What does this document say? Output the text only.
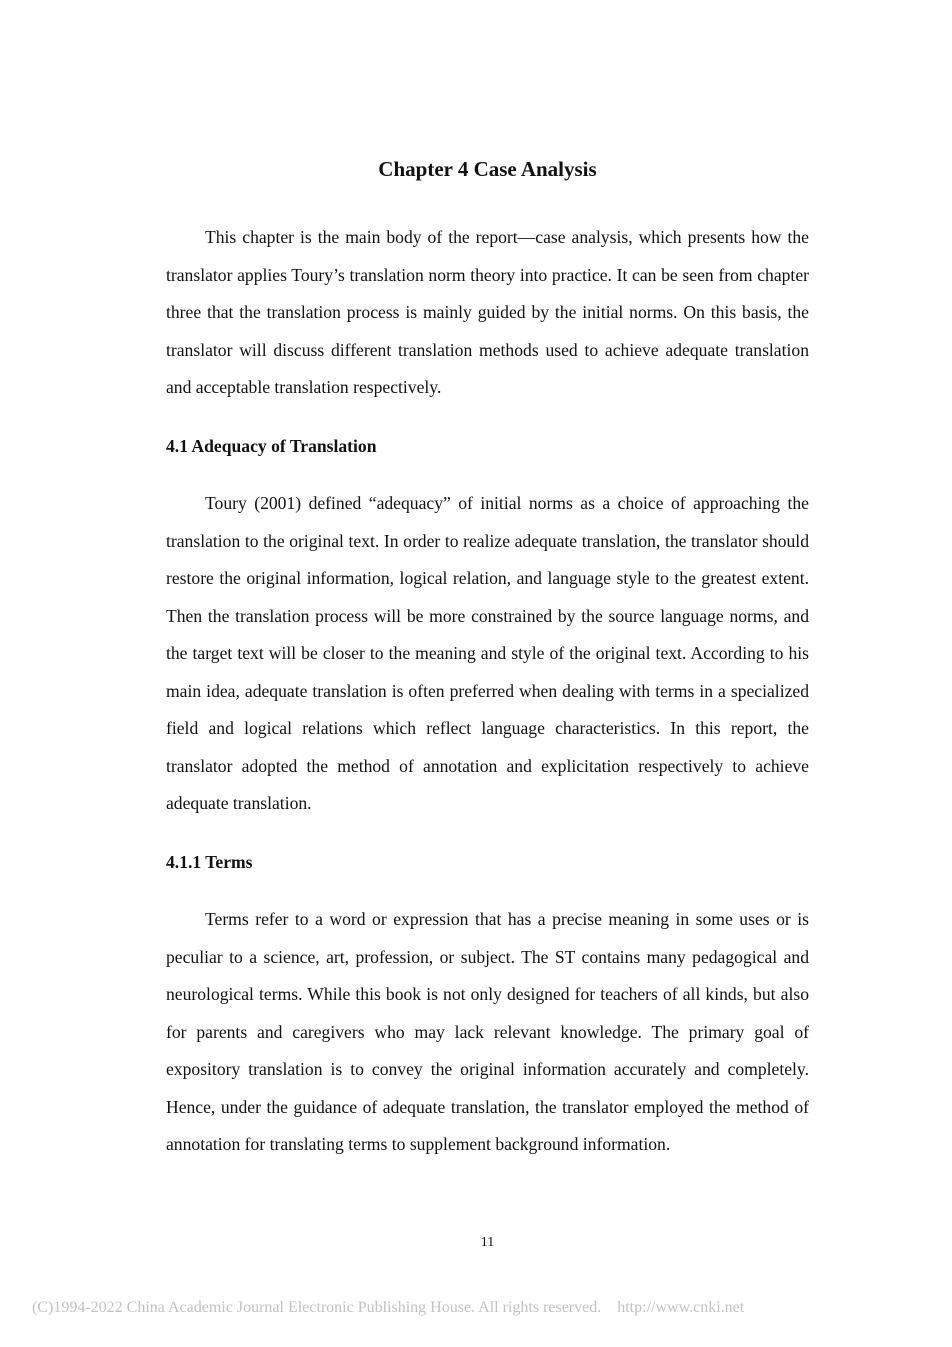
Chapter 4 Case Analysis

This chapter is the main body of the report—case analysis, which presents how the translator applies Toury’s translation norm theory into practice. It can be seen from chapter three that the translation process is mainly guided by the initial norms. On this basis, the translator will discuss different translation methods used to achieve adequate translation and acceptable translation respectively.

4.1 Adequacy of Translation

Toury (2001) defined “adequacy” of initial norms as a choice of approaching the translation to the original text. In order to realize adequate translation, the translator should restore the original information, logical relation, and language style to the greatest extent. Then the translation process will be more constrained by the source language norms, and the target text will be closer to the meaning and style of the original text. According to his main idea, adequate translation is often preferred when dealing with terms in a specialized field and logical relations which reflect language characteristics. In this report, the translator adopted the method of annotation and explicitation respectively to achieve adequate translation.

4.1.1 Terms

Terms refer to a word or expression that has a precise meaning in some uses or is peculiar to a science, art, profession, or subject. The ST contains many pedagogical and neurological terms. While this book is not only designed for teachers of all kinds, but also for parents and caregivers who may lack relevant knowledge. The primary goal of expository translation is to convey the original information accurately and completely. Hence, under the guidance of adequate translation, the translator employed the method of annotation for translating terms to supplement background information.

11
(C)1994-2022 China Academic Journal Electronic Publishing House. All rights reserved. http://www.cnki.net
